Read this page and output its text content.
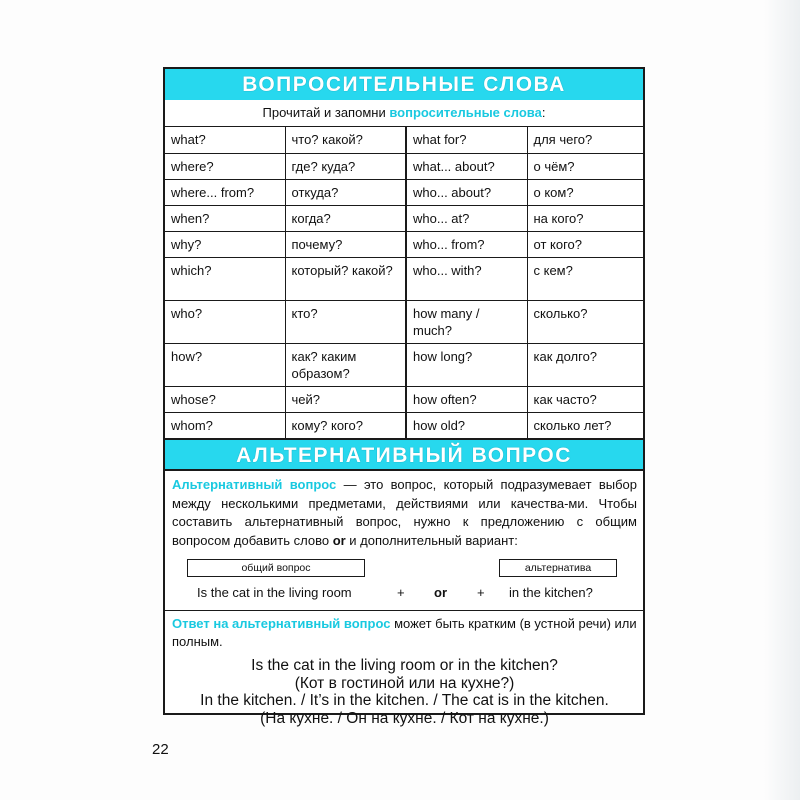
ВОПРОСИТЕЛЬНЫЕ СЛОВА
Прочитай и запомни вопросительные слова:
what?	что? какой?	what for?	для чего?
where?	где? куда?	what... about?	о чём?
where... from?	откуда?	who... about?	о ком?
when?	когда?	who... at?	на кого?
why?	почему?	who... from?	от кого?
which?	который? какой?	who... with?	с кем?
who?	кто?	how many / much?	сколько?
how?	как? каким образом?	how long?	как долго?
whose?	чей?	how often?	как часто?
whom?	кому? кого?	how old?	сколько лет?
АЛЬТЕРНАТИВНЫЙ ВОПРОС

Альтернативный вопрос — это вопрос, который подразумевает выбор между несколькими предметами, действиями или качества-ми. Чтобы составить альтернативный вопрос, нужно к предложению с общим вопросом добавить слово or и дополнительный вариант:

общий вопрос	альтернатива
Is the cat in the living room	+ or + in the kitchen?

Ответ на альтернативный вопрос может быть кратким (в устной речи) или полным.

Is the cat in the living room or in the kitchen?
(Кот в гостиной или на кухне?)
In the kitchen. / It’s in the kitchen. / The cat is in the kitchen.
(На кухне. / Он на кухне. / Кот на кухне.)
22
